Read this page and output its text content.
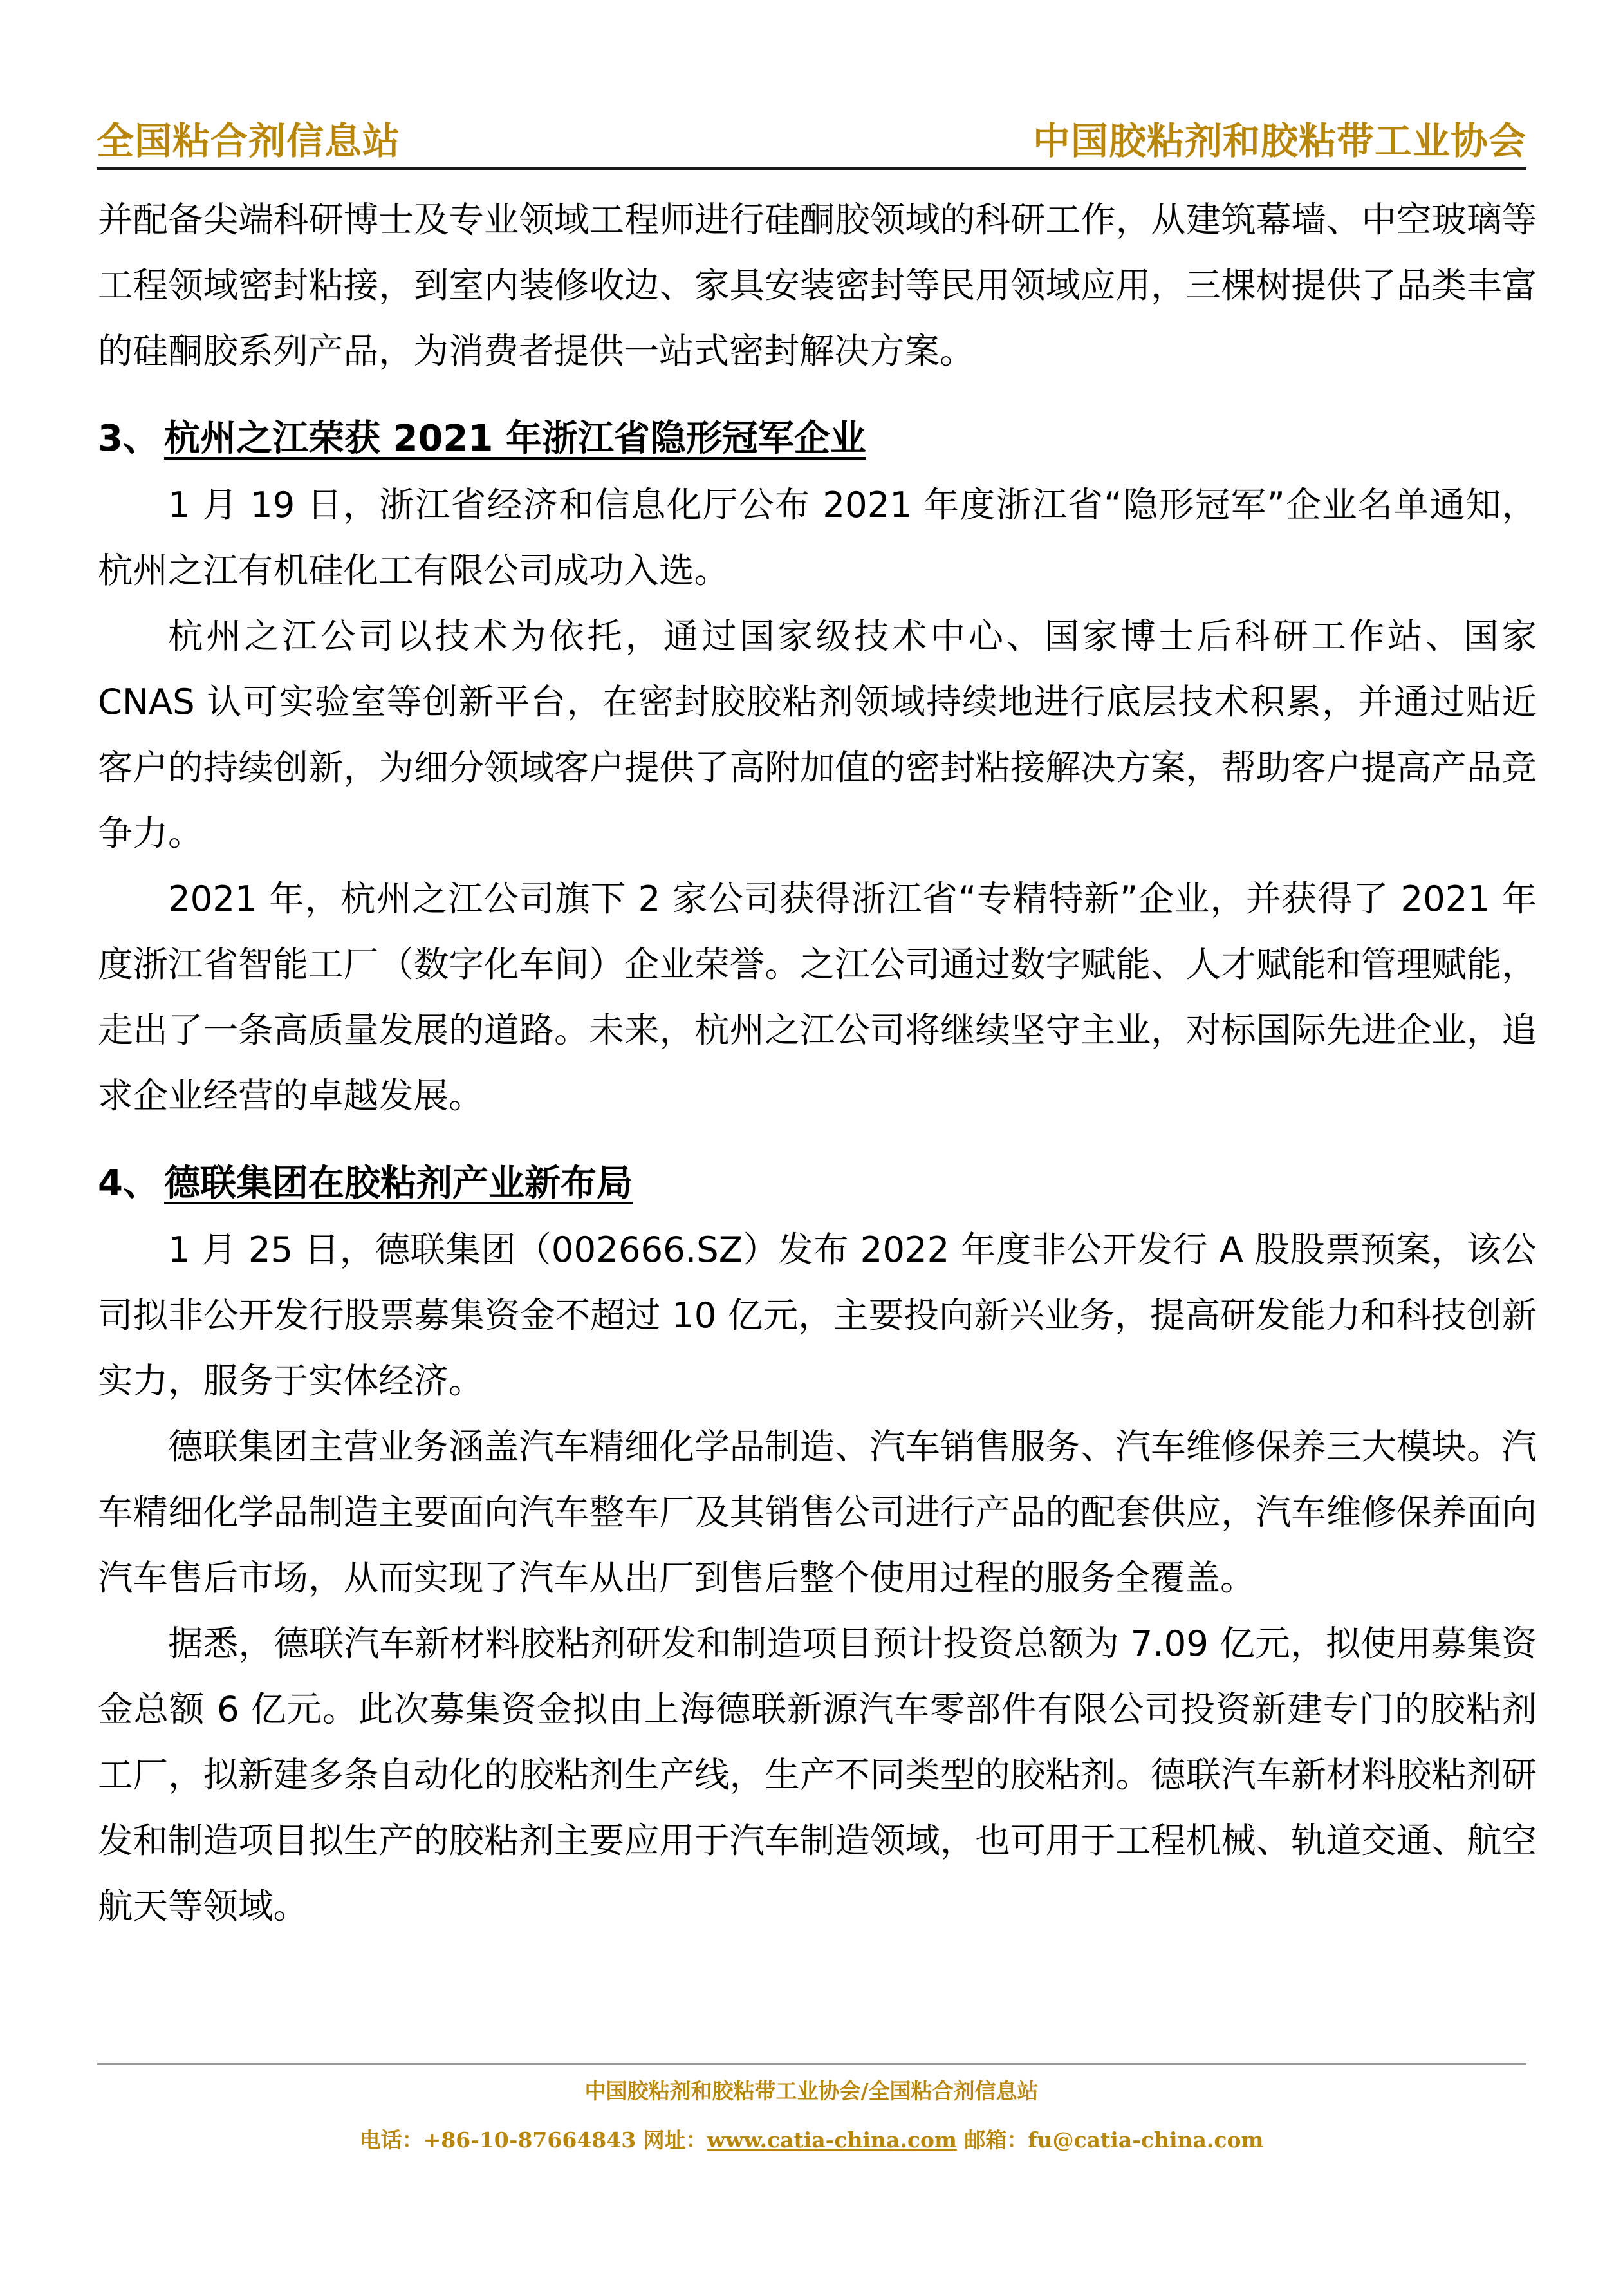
全国粘合剂信息站	中国胶粘剂和胶粘带工业协会

并配备尖端科研博士及专业领域工程师进行硅酮胶领域的科研工作，从建筑幕墙、中空玻璃等工程领域密封粘接，到室内装修收边、家具安装密封等民用领域应用，三棵树提供了品类丰富的硅酮胶系列产品，为消费者提供一站式密封解决方案。

3、 杭州之江荣获 2021 年浙江省隐形冠军企业

1 月 19 日，浙江省经济和信息化厅公布 2021 年度浙江省“隐形冠军”企业名单通知，杭州之江有机硅化工有限公司成功入选。

杭州之江公司以技术为依托，通过国家级技术中心、国家博士后科研工作站、国家 CNAS 认可实验室等创新平台，在密封胶胶粘剂领域持续地进行底层技术积累，并通过贴近客户的持续创新，为细分领域客户提供了高附加值的密封粘接解决方案，帮助客户提高产品竞争力。

2021 年，杭州之江公司旗下 2 家公司获得浙江省“专精特新”企业，并获得了 2021 年度浙江省智能工厂（数字化车间）企业荣誉。之江公司通过数字赋能、人才赋能和管理赋能，走出了一条高质量发展的道路。未来，杭州之江公司将继续坚守主业，对标国际先进企业，追求企业经营的卓越发展。

4、 德联集团在胶粘剂产业新布局

1 月 25 日，德联集团（002666.SZ）发布 2022 年度非公开发行 A 股股票预案，该公司拟非公开发行股票募集资金不超过 10 亿元，主要投向新兴业务，提高研发能力和科技创新实力，服务于实体经济。

德联集团主营业务涵盖汽车精细化学品制造、汽车销售服务、汽车维修保养三大模块。汽车精细化学品制造主要面向汽车整车厂及其销售公司进行产品的配套供应，汽车维修保养面向汽车售后市场，从而实现了汽车从出厂到售后整个使用过程的服务全覆盖。

据悉，德联汽车新材料胶粘剂研发和制造项目预计投资总额为 7.09 亿元，拟使用募集资金总额 6 亿元。此次募集资金拟由上海德联新源汽车零部件有限公司投资新建专门的胶粘剂工厂，拟新建多条自动化的胶粘剂生产线，生产不同类型的胶粘剂。德联汽车新材料胶粘剂研发和制造项目拟生产的胶粘剂主要应用于汽车制造领域，也可用于工程机械、轨道交通、航空航天等领域。

中国胶粘剂和胶粘带工业协会/全国粘合剂信息站
电话：+86-10-87664843 网址：www.catia-china.com 邮箱：fu@catia-china.com
